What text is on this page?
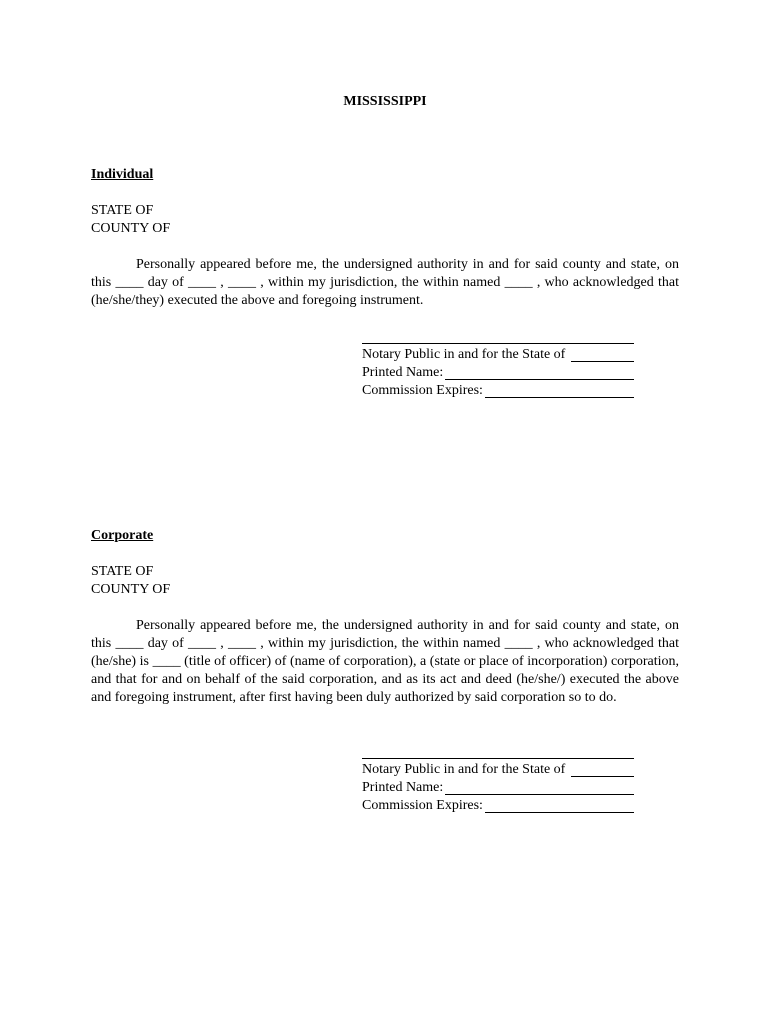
MISSISSIPPI
Individual
STATE OF
COUNTY OF
Personally appeared before me, the undersigned authority in and for said county and state, on this ____ day of ____ , ____ , within my jurisdiction, the within named ____ , who acknowledged that (he/she/they) executed the above and foregoing instrument.
Notary Public in and for the State of
Printed Name:
Commission Expires:
Corporate
STATE OF
COUNTY OF
Personally appeared before me, the undersigned authority in and for said county and state, on this ____ day of ____ , ____ , within my jurisdiction, the within named ____ , who acknowledged that (he/she) is ____ (title of officer) of (name of corporation), a (state or place of incorporation) corporation, and that for and on behalf of the said corporation, and as its act and deed (he/she/) executed the above and foregoing instrument, after first having been duly authorized by said corporation so to do.
Notary Public in and for the State of
Printed Name:
Commission Expires:
